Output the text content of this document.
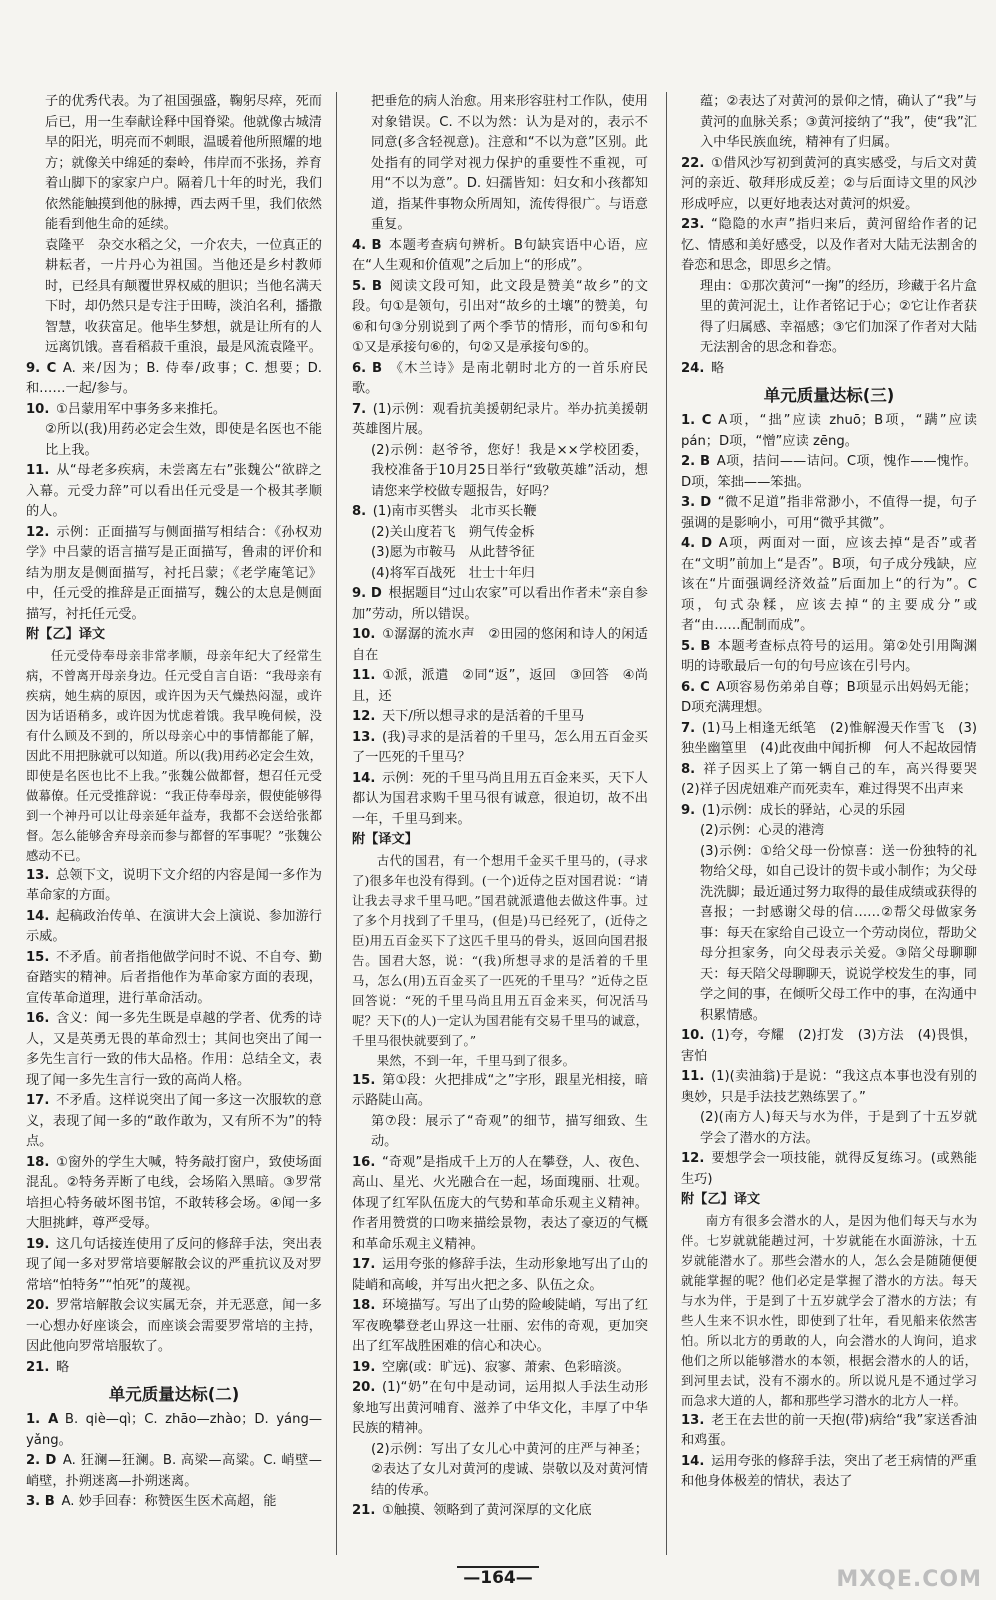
子的优秀代表。为了祖国强盛，鞠躬尽瘁，死而后已，用一生奉献诠释中国脊梁。他就像古城清早的阳光，明亮而不刺眼，温暖着他所照耀的地方；就像关中绵延的秦岭，伟岸而不张扬，养育着山脚下的家家户户。隔着几十年的时光，我们依然能触摸到他的脉搏，西去两千里，我们依然能看到他生命的延续。

袁隆平　杂交水稻之父，一介农夫，一位真正的耕耘者，一片丹心为祖国。当他还是乡村教师时，已经具有颠覆世界权威的胆识；当他名满天下时，却仍然只是专注于田畴，淡泊名利，播撒智慧，收获富足。他毕生梦想，就是让所有的人远离饥饿。喜看稻菽千重浪，最是风流袁隆平。

9. C  A. 来/因为；B. 侍奉/政事；C. 想要；D. 和……一起/参与。

10.  ①吕蒙用军中事务多来推托。

②所以(我)用药必定会生效，即使是名医也不能比上我。

11.  从“母老多疾病，未尝离左右”张魏公“欲辟之入幕。元受力辞”可以看出任元受是一个极其孝顺的人。

12.  示例：正面描写与侧面描写相结合：《孙权劝学》中吕蒙的语言描写是正面描写，鲁肃的评价和结为朋友是侧面描写，衬托吕蒙；《老学庵笔记》中，任元受的推辞是正面描写，魏公的太息是侧面描写，衬托任元受。

附【乙】译文

任元受侍奉母亲非常孝顺，母亲年纪大了经常生病，不曾离开母亲身边。任元受自言自语：“我母亲有疾病，她生病的原因，或许因为天气燥热闷湿，或许因为话语稍多，或许因为忧虑着饿。我早晚伺候，没有什么顾及不到的，所以母亲心中的事情都能了解，因此不用把脉就可以知道。所以(我)用药必定会生效，即使是名医也比不上我。”张魏公做都督，想召任元受做幕僚。任元受推辞说：“我正侍奉母亲，假使能够得到一个神丹可以让母亲延年益寿，我都不会送给张都督。怎么能够舍弃母亲而参与都督的军事呢？”张魏公感动不已。

13.  总领下文，说明下文介绍的内容是闻一多作为革命家的方面。

14.  起稿政治传单、在演讲大会上演说、参加游行示威。

15.  不矛盾。前者指他做学问时不说、不自夸、勤奋踏实的精神。后者指他作为革命家方面的表现，宣传革命道理，进行革命活动。

16.  含义：闻一多先生既是卓越的学者、优秀的诗人，又是英勇无畏的革命烈士；其间也突出了闻一多先生言行一致的伟大品格。作用：总结全文，表现了闻一多先生言行一致的高尚人格。

17.  不矛盾。这样说突出了闻一多这一次服软的意义，表现了闻一多的“敢作敢为，又有所不为”的特点。

18.  ①窗外的学生大喊，特务敲打窗户，致使场面混乱。②特务弄断了电线，会场陷入黑暗。③罗常培担心特务破坏图书馆，不敢转移会场。④闻一多大胆挑衅，尊严受辱。

19.  这几句话接连使用了反问的修辞手法，突出表现了闻一多对罗常培要解散会议的严重抗议及对罗常培“怕特务”“怕死”的蔑视。

20.  罗常培解散会议实属无奈，并无恶意，闻一多一心想办好座谈会，而座谈会需要罗常培的主持，因此他向罗常培服软了。

21.  略

单元质量达标(二)

1. A  B. qiè—qì；C. zhāo—zhào；D. yáng—yǎng。

2. D  A. 狂澜—狂澜。B. 高梁—高粱。C. 峭壁—峭壁，扑朔迷离—扑朔迷离。

3. B  A. 妙手回春：称赞医生医术高超，能

把垂危的病人治愈。用来形容驻村工作队，使用对象错误。C. 不以为然：认为是对的，表示不同意(多含轻视意)。注意和“不以为意”区别。此处指有的同学对视力保护的重要性不重视，可用“不以为意”。D. 妇孺皆知：妇女和小孩都知道，指某件事物众所周知，流传得很广。与语意重复。

4. B  本题考查病句辨析。B句缺宾语中心语，应在“人生观和价值观”之后加上“的形成”。

5. B  阅读文段可知，此文段是赞美“故乡”的文段。句①是领句，引出对“故乡的土壤”的赞美，句⑥和句③分别说到了两个季节的情形，而句⑤和句①又是承接句⑥的，句②又是承接句⑤的。

6. B  《木兰诗》是南北朝时北方的一首乐府民歌。

7.  (1)示例：观看抗美援朝纪录片。举办抗美援朝英雄图片展。

(2)示例：赵爷爷，您好！我是××学校团委，我校准备于10月25日举行“致敬英雄”活动，想请您来学校做专题报告，好吗？

8.  (1)南市买辔头　北市买长鞭

(2)关山度若飞　朔气传金柝

(3)愿为市鞍马　从此替爷征

(4)将军百战死　壮士十年归

9. D  根据题目“过山农家”可以看出作者未“亲自参加”劳动，所以错误。

10.  ①潺潺的流水声　②田园的悠闲和诗人的闲适自在

11.  ①派，派遣　②同“返”，返回　③回答　④尚且，还

12.  天下/所以想寻求的是活着的千里马

13.  (我)寻求的是活着的千里马，怎么用五百金买了一匹死的千里马？

14.  示例：死的千里马尚且用五百金来买，天下人都认为国君求购千里马很有诚意，很迫切，故不出一年，千里马到来。

附【译文】

古代的国君，有一个想用千金买千里马的，(寻求了)很多年也没有得到。(一个)近侍之臣对国君说：“请让我去寻求千里马吧。”国君就派遣他去做这件事。过了多个月找到了千里马，(但是)马已经死了，(近侍之臣)用五百金买下了这匹千里马的骨头，返回向国君报告。国君大怒，说：“(我)所想寻求的是活着的千里马，怎么(用)五百金买了一匹死的千里马？”近侍之臣回答说：“死的千里马尚且用五百金来买，何况活马呢？天下(的人)一定认为国君能有交易千里马的诚意，千里马很快就要到了。”

果然，不到一年，千里马到了很多。

15.  第①段：火把排成“之”字形，跟星光相接，暗示路陡山高。

第⑦段：展示了“奇观”的细节，描写细致、生动。

16.  “奇观”是指成千上万的人在攀登，人、夜色、高山、星光、火光融合在一起，场面瑰丽、壮观。体现了红军队伍庞大的气势和革命乐观主义精神。作者用赞赏的口吻来描绘景物，表达了豪迈的气概和革命乐观主义精神。

17.  运用夸张的修辞手法，生动形象地写出了山的陡峭和高峻，并写出火把之多、队伍之众。

18.  环境描写。写出了山势的险峻陡峭，写出了红军夜晚攀登老山界这一壮丽、宏伟的奇观，更加突出了红军战胜困难的信心和决心。

19.  空廓(或：旷远)、寂寥、萧索、色彩暗淡。

20.  (1)“奶”在句中是动词，运用拟人手法生动形象地写出黄河哺育、滋养了中华文化，丰厚了中华民族的精神。

(2)示例：写出了女儿心中黄河的庄严与神圣；②表达了女儿对黄河的虔诚、崇敬以及对黄河情结的传承。

21.  ①触摸、领略到了黄河深厚的文化底

蕴；②表达了对黄河的景仰之情，确认了“我”与黄河的血脉关系；③黄河接纳了“我”，使“我”汇入中华民族血统，精神有了归属。

22.  ①借风沙写初到黄河的真实感受，与后文对黄河的亲近、敬拜形成反差；②与后面诗文里的风沙形成呼应，以更好地表达对黄河的炽爱。

23.  “隐隐的水声”指归来后，黄河留给作者的记忆、情感和美好感受，以及作者对大陆无法割舍的眷恋和思念，即思乡之情。

理由：①那次黄河“一掬”的经历，珍藏于名片盒里的黄河泥土，让作者铭记于心；②它让作者获得了归属感、幸福感；③它们加深了作者对大陆无法割舍的思念和眷恋。

24.  略

单元质量达标(三)

1. C  A项，“拙”应读 zhuō；B项，“蹒”应读 pán；D项，“憎”应读 zēng。

2. B  A项，拮问——诘问。C项，愧作——愧怍。D项，笨拙——笨拙。

3. D  “微不足道”指非常渺小，不值得一提，句子强调的是影响小，可用“微乎其微”。

4. D  A项，两面对一面，应该去掉“是否”或者在“文明”前加上“是否”。B项，句子成分残缺，应该在“片面强调经济效益”后面加上“的行为”。C项，句式杂糅，应该去掉“的主要成分”或者“由……配制而成”。

5. B  本题考查标点符号的运用。第②处引用陶渊明的诗歌最后一句的句号应该在引号内。

6. C  A项容易伤弟弟自尊；B项显示出妈妈无能；D项充满理想。

7.  (1)马上相逢无纸笔　(2)惟解漫天作雪飞　(3)独坐幽篁里　(4)此夜曲中闻折柳　何人不起故园情

8.  祥子因买上了第一辆自己的车，高兴得要哭　(2)祥子因虎妞难产而死卖车，难过得哭不出声来

9.  (1)示例：成长的驿站，心灵的乐园

(2)示例：心灵的港湾

(3)示例：①给父母一份惊喜：送一份独特的礼物给父母，如自己设计的贺卡或小制作；为父母洗洗脚；最近通过努力取得的最佳成绩或获得的喜报；一封感谢父母的信……②帮父母做家务事：每天在家给自己设立一个劳动岗位，帮助父母分担家务，向父母表示关爱。③陪父母聊聊天：每天陪父母聊聊天，说说学校发生的事，同学之间的事，在倾听父母工作中的事，在沟通中积累情感。

10.  (1)夸，夸耀　(2)打发　(3)方法　(4)畏惧，害怕

11.  (1)(卖油翁)于是说：“我这点本事也没有别的奥妙，只是手法技艺熟练罢了。”

(2)(南方人)每天与水为伴，于是到了十五岁就学会了潜水的方法。

12.  要想学会一项技能，就得反复练习。(或熟能生巧)

附【乙】译文

南方有很多会潜水的人，是因为他们每天与水为伴。七岁就就能趟过河，十岁就能在水面游泳，十五岁就能潜水了。那些会潜水的人，怎么会是随随便便就能掌握的呢？他们必定是掌握了潜水的方法。每天与水为伴，于是到了十五岁就学会了潜水的方法；有些人生来不识水性，即使到了壮年，看见船来依然害怕。所以北方的勇敢的人，向会潜水的人询问，追求他们之所以能够潜水的本领，根据会潜水的人的话，到河里去试，没有不溺水的。所以说凡是不通过学习而急求大道的人，都和那些学习潜水的北方人一样。

13.  老王在去世的前一天抱(带)病给“我”家送香油和鸡蛋。

14.  运用夸张的修辞手法，突出了老王病情的严重和他身体极差的情状，表达了

—164—	MXQE.COM
